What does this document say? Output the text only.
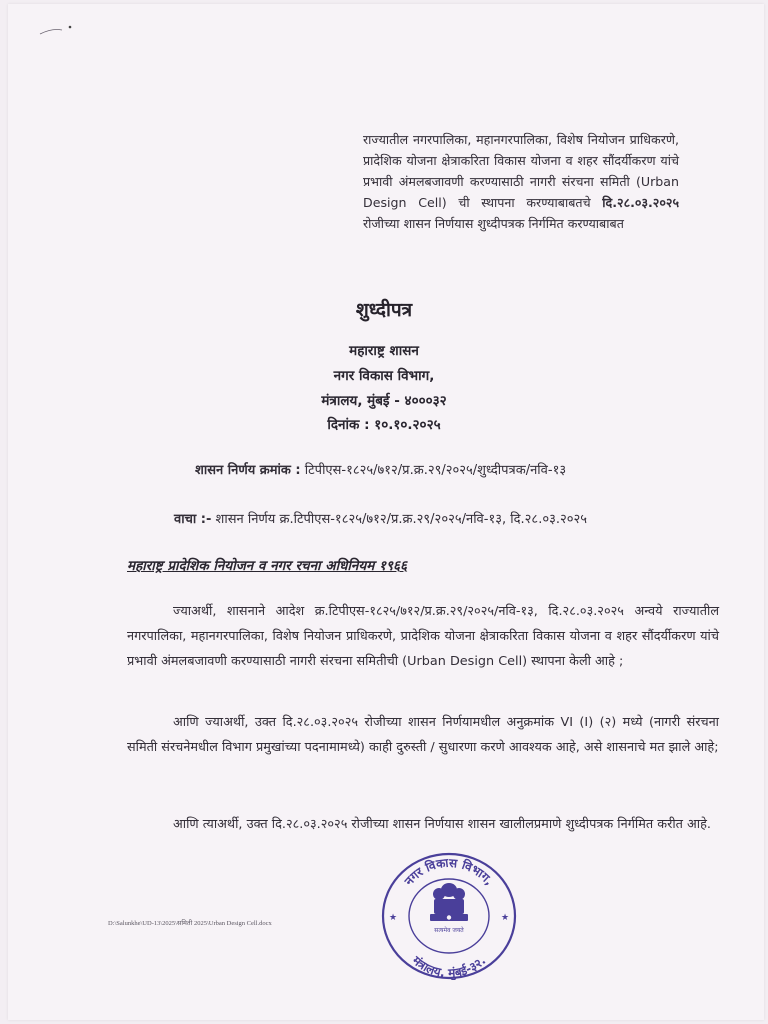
राज्यातील नगरपालिका, महानगरपालिका, विशेष नियोजन प्राधिकरणे, प्रादेशिक योजना क्षेत्राकरिता विकास योजना व शहर सौंदर्यीकरण यांचे प्रभावी अंमलबजावणी करण्यासाठी नागरी संरचना समिती (Urban Design Cell) ची स्थापना करण्याबाबतचे दि.२८.०३.२०२५ रोजीच्या शासन निर्णयास शुध्दीपत्रक निर्गमित करण्याबाबत
शुध्दीपत्र
महाराष्ट्र शासन
नगर विकास विभाग,
मंत्रालय, मुंबई - ४०००३२
दिनांक : १०.१०.२०२५
शासन निर्णय क्रमांक : टिपीएस-१८२५/७१२/प्र.क्र.२९/२०२५/शुध्दीपत्रक/नवि-१३
वाचा :- शासन निर्णय क्र.टिपीएस-१८२५/७१२/प्र.क्र.२९/२०२५/नवि-१३, दि.२८.०३.२०२५
महाराष्ट्र प्रादेशिक नियोजन व नगर रचना अधिनियम १९६६
ज्याअर्थी, शासनाने आदेश क्र.टिपीएस-१८२५/७१२/प्र.क्र.२९/२०२५/नवि-१३, दि.२८.०३.२०२५ अन्वये राज्यातील नगरपालिका, महानगरपालिका, विशेष नियोजन प्राधिकरणे, प्रादेशिक योजना क्षेत्राकरिता विकास योजना व शहर सौंदर्यीकरण यांचे प्रभावी अंमलबजावणी करण्यासाठी नागरी संरचना समितीची (Urban Design Cell) स्थापना केली आहे ;
आणि ज्याअर्थी, उक्त दि.२८.०३.२०२५ रोजीच्या शासन निर्णयामधील अनुक्रमांक VI (I) (२) मध्ये (नागरी संरचना समिती संरचनेमधील विभाग प्रमुखांच्या पदनामामध्ये) काही दुरुस्ती / सुधारणा करणे आवश्यक आहे, असे शासनाचे मत झाले आहे;
आणि त्याअर्थी, उक्त दि.२८.०३.२०२५ रोजीच्या शासन निर्णयास शासन खालीलप्रमाणे शुध्दीपत्रक निर्गमित करीत आहे.
D:\Salunkhe\UD-13\2025\समिती 2025\Urban Design Cell.docx
नगर विकास विभाग,
मंत्रालय, मुंबई-३२.
★	★
सत्यमेव जयते
